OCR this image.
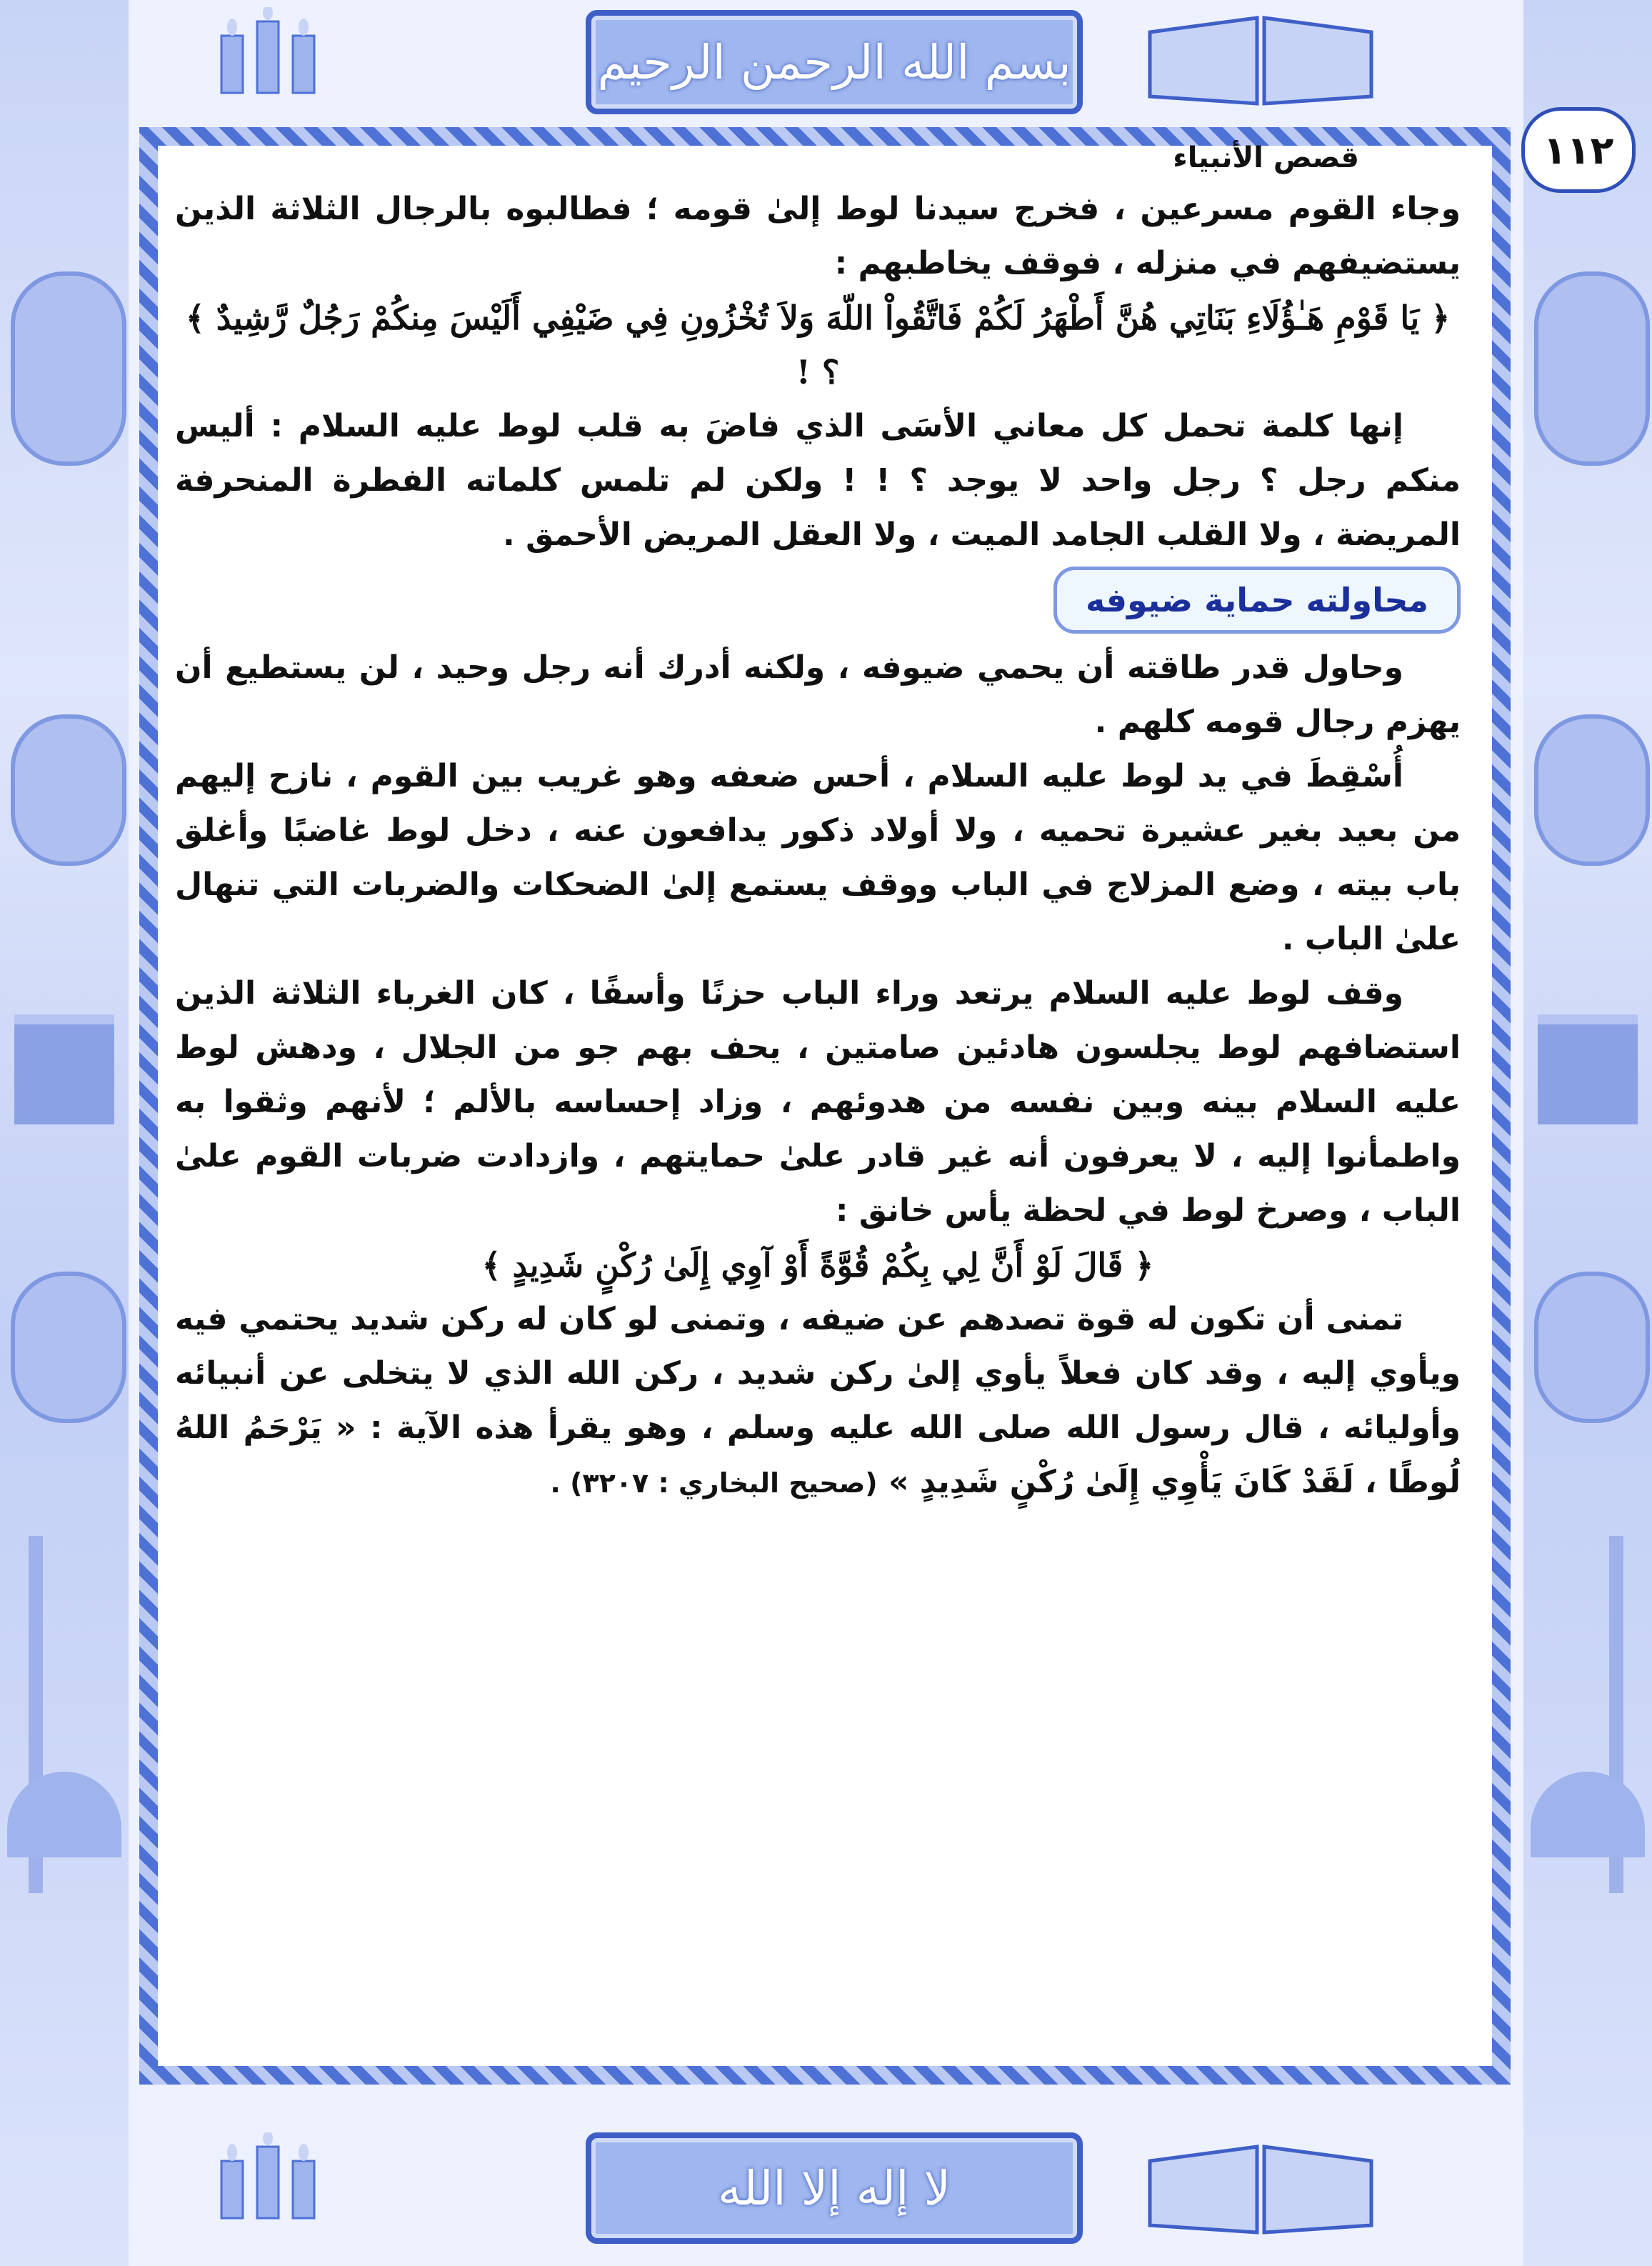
بسم الله الرحمن الرحيم
١١٢
قصص الأنبياء

وجاء القوم مسرعين ، فخرج سيدنا لوط إلىٰ قومه ؛ فطالبوه بالرجال الثلاثة الذين يستضيفهم في منزله ، فوقف يخاطبهم :

﴿ يَا قَوْمِ هَـٰؤُلَاءِ بَنَاتِي هُنَّ أَطْهَرُ لَكُمْ فَاتَّقُواْ اللّهَ وَلاَ تُخْزُونِ فِي ضَيْفِي أَلَيْسَ مِنكُمْ رَجُلٌ رَّشِيدٌ ﴾ ؟ !

إنها كلمة تحمل كل معاني الأسَى الذي فاضَ به قلب لوط عليه السلام : أليس منكم رجل ؟ رجل واحد لا يوجد ؟ ! ! ولكن لم تلمس كلماته الفطرة المنحرفة المريضة ، ولا القلب الجامد الميت ، ولا العقل المريض الأحمق .

محاولته حماية ضيوفه

وحاول قدر طاقته أن يحمي ضيوفه ، ولكنه أدرك أنه رجل وحيد ، لن يستطيع أن يهزم رجال قومه كلهم .

أُسْقِطَ في يد لوط عليه السلام ، أحس ضعفه وهو غريب بين القوم ، نازح إليهم من بعيد بغير عشيرة تحميه ، ولا أولاد ذكور يدافعون عنه ، دخل لوط غاضبًا وأغلق باب بيته ، وضع المزلاج في الباب ووقف يستمع إلىٰ الضحكات والضربات التي تنهال علىٰ الباب .

وقف لوط عليه السلام يرتعد وراء الباب حزنًا وأسفًا ، كان الغرباء الثلاثة الذين استضافهم لوط يجلسون هادئين صامتين ، يحف بهم جو من الجلال ، ودهش لوط عليه السلام بينه وبين نفسه من هدوئهم ، وزاد إحساسه بالألم ؛ لأنهم وثقوا به واطمأنوا إليه ، لا يعرفون أنه غير قادر علىٰ حمايتهم ، وازدادت ضربات القوم علىٰ الباب ، وصرخ لوط في لحظة يأس خانق :

﴿ قَالَ لَوْ أَنَّ لِي بِكُمْ قُوَّةً أَوْ آوِي إِلَىٰ رُكْنٍ شَدِيدٍ ﴾

تمنى أن تكون له قوة تصدهم عن ضيفه ، وتمنى لو كان له ركن شديد يحتمي فيه ويأوي إليه ، وقد كان فعلاً يأوي إلىٰ ركن شديد ، ركن الله الذي لا يتخلى عن أنبيائه وأوليائه ، قال رسول الله صلى الله عليه وسلم ، وهو يقرأ هذه الآية : « يَرْحَمُ اللهُ لُوطًا ، لَقَدْ كَانَ يَأْوِي إِلَىٰ رُكْنٍ شَدِيدٍ » (صحيح البخاري : ٣٢٠٧) .

لا إله إلا الله
